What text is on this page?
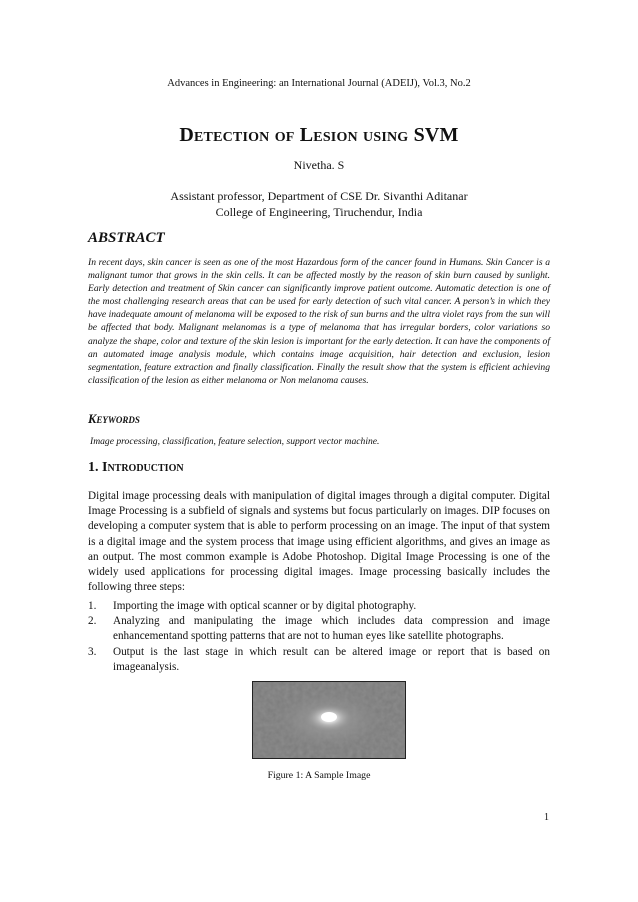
Advances in Engineering: an International Journal (ADEIJ), Vol.3, No.2
Detection of Lesion using SVM
Nivetha. S
Assistant professor, Department of CSE Dr. Sivanthi Aditanar
College of Engineering, Tiruchendur, India
ABSTRACT
In recent days, skin cancer is seen as one of the most Hazardous form of the cancer found in Humans. Skin Cancer is a malignant tumor that grows in the skin cells. It can be affected mostly by the reason of skin burn caused by sunlight. Early detection and treatment of Skin cancer can significantly improve patient outcome. Automatic detection is one of the most challenging research areas that can be used for early detection of such vital cancer. A person’s in which they have inadequate amount of melanoma will be exposed to the risk of sun burns and the ultra violet rays from the sun will be affected that body. Malignant melanomas is a type of melanoma that has irregular borders, color variations so analyze the shape, color and texture of the skin lesion is important for the early detection. It can have the components of an automated image analysis module, which contains image acquisition, hair detection and exclusion, lesion segmentation, feature extraction and finally classification. Finally the result show that the system is efficient achieving classification of the lesion as either melanoma or Non melanoma causes.
Keywords
Image processing, classification, feature selection, support vector machine.
1. Introduction
Digital image processing deals with manipulation of digital images through a digital computer. Digital Image Processing is a subfield of signals and systems but focus particularly on images. DIP focuses on developing a computer system that is able to perform processing on an image. The input of that system is a digital image and the system process that image using efficient algorithms, and gives an image as an output. The most common example is Adobe Photoshop. Digital Image Processing is one of the widely used applications for processing digital images. Image processing basically includes the following three steps:
1. Importing the image with optical scanner or by digital photography.
2. Analyzing and manipulating the image which includes data compression and image enhancementand spotting patterns that are not to human eyes like satellite photographs.
3. Output is the last stage in which result can be altered image or report that is based on imageanalysis.
Figure 1: A Sample Image
1
